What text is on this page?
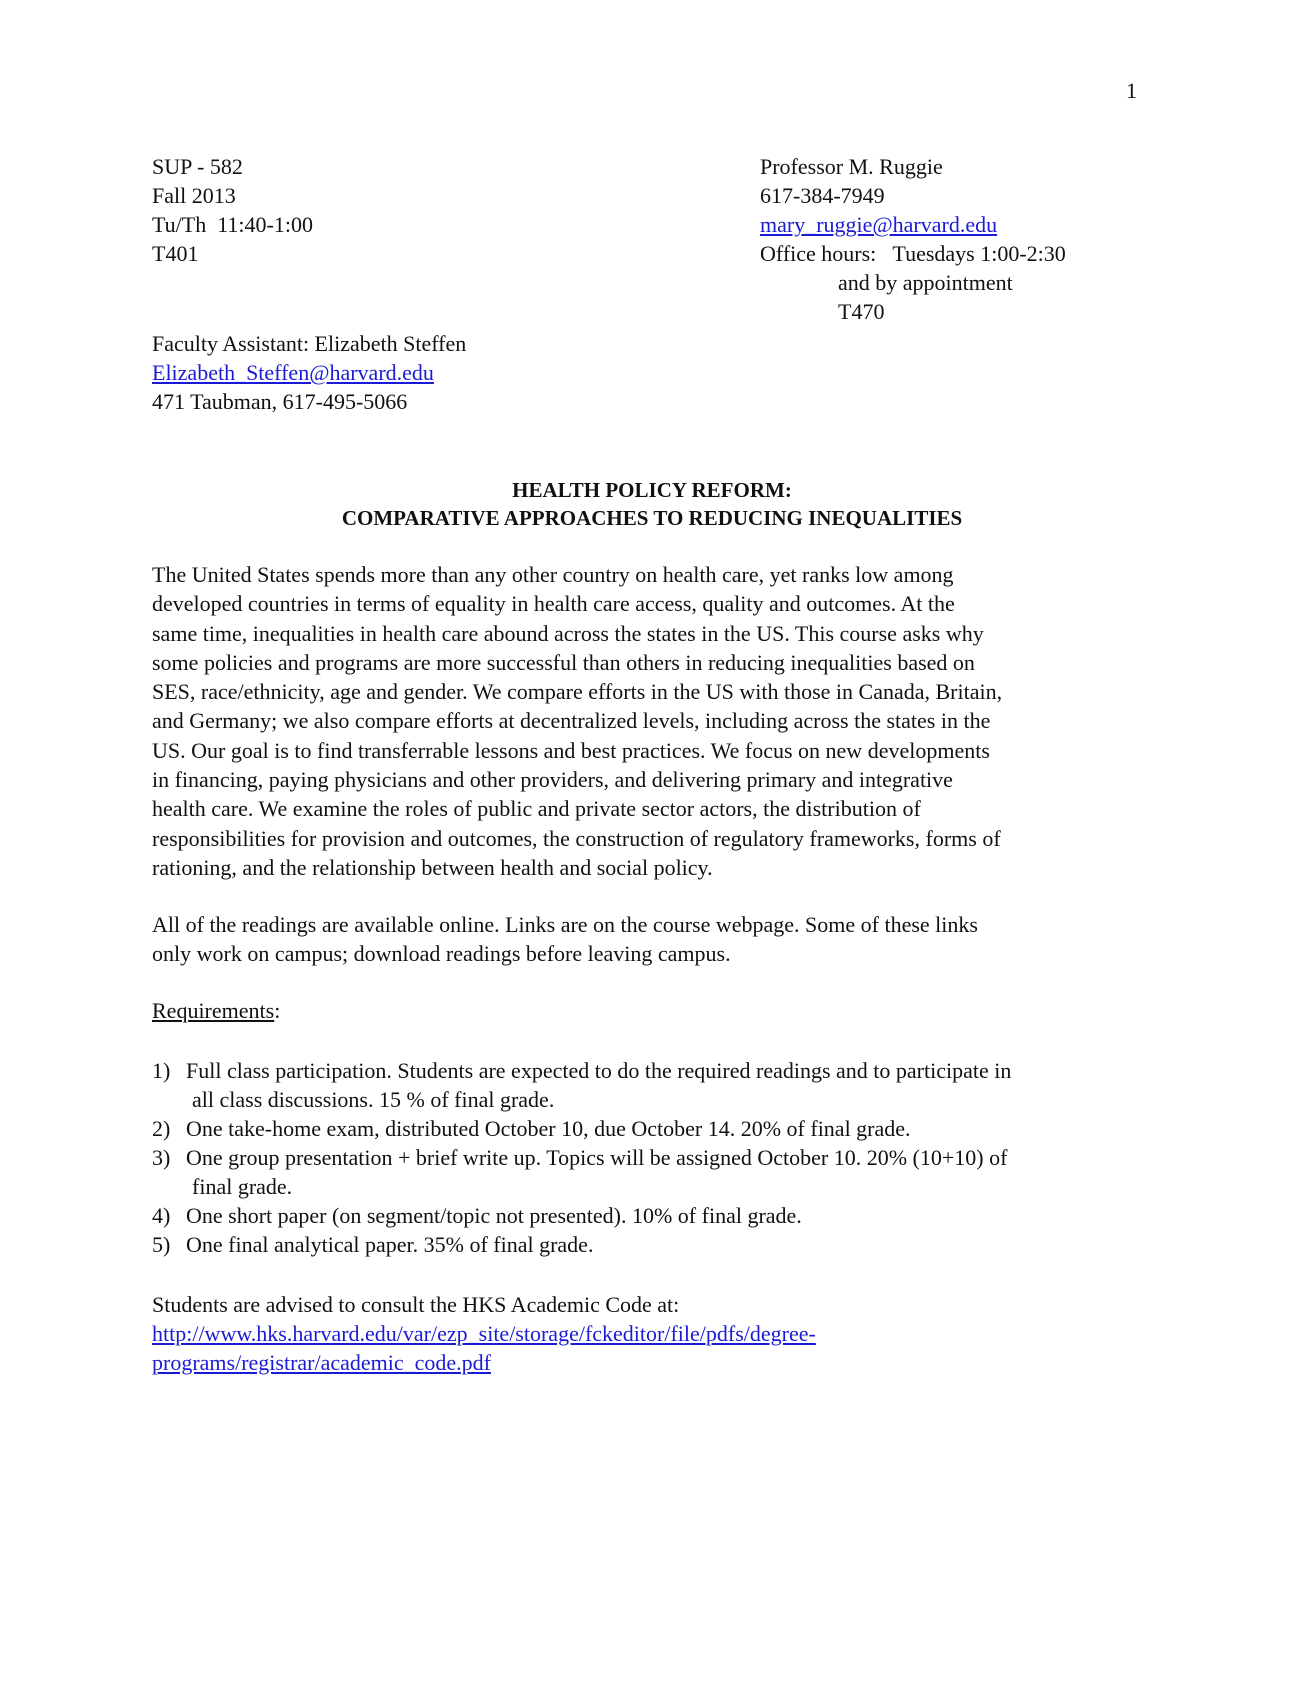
1
SUP - 582
Fall 2013
Tu/Th  11:40-1:00
T401
Professor M. Ruggie
617-384-7949
mary_ruggie@harvard.edu
Office hours: Tuesdays 1:00-2:30
and by appointment
T470
Faculty Assistant: Elizabeth Steffen
Elizabeth_Steffen@harvard.edu
471 Taubman, 617-495-5066
HEALTH POLICY REFORM:
COMPARATIVE APPROACHES TO REDUCING INEQUALITIES
The United States spends more than any other country on health care, yet ranks low among
developed countries in terms of equality in health care access, quality and outcomes. At the
same time, inequalities in health care abound across the states in the US. This course asks why
some policies and programs are more successful than others in reducing inequalities based on
SES, race/ethnicity, age and gender. We compare efforts in the US with those in Canada, Britain,
and Germany; we also compare efforts at decentralized levels, including across the states in the
US. Our goal is to find transferrable lessons and best practices. We focus on new developments
in financing, paying physicians and other providers, and delivering primary and integrative
health care. We examine the roles of public and private sector actors, the distribution of
responsibilities for provision and outcomes, the construction of regulatory frameworks, forms of
rationing, and the relationship between health and social policy.
All of the readings are available online. Links are on the course webpage. Some of these links
only work on campus; download readings before leaving campus.
Requirements:
1) Full class participation. Students are expected to do the required readings and to participate in
all class discussions. 15 % of final grade.
2) One take-home exam, distributed October 10, due October 14. 20% of final grade.
3) One group presentation + brief write up. Topics will be assigned October 10. 20% (10+10) of
final grade.
4) One short paper (on segment/topic not presented). 10% of final grade.
5) One final analytical paper. 35% of final grade.
Students are advised to consult the HKS Academic Code at:
http://www.hks.harvard.edu/var/ezp_site/storage/fckeditor/file/pdfs/degree-
programs/registrar/academic_code.pdf
